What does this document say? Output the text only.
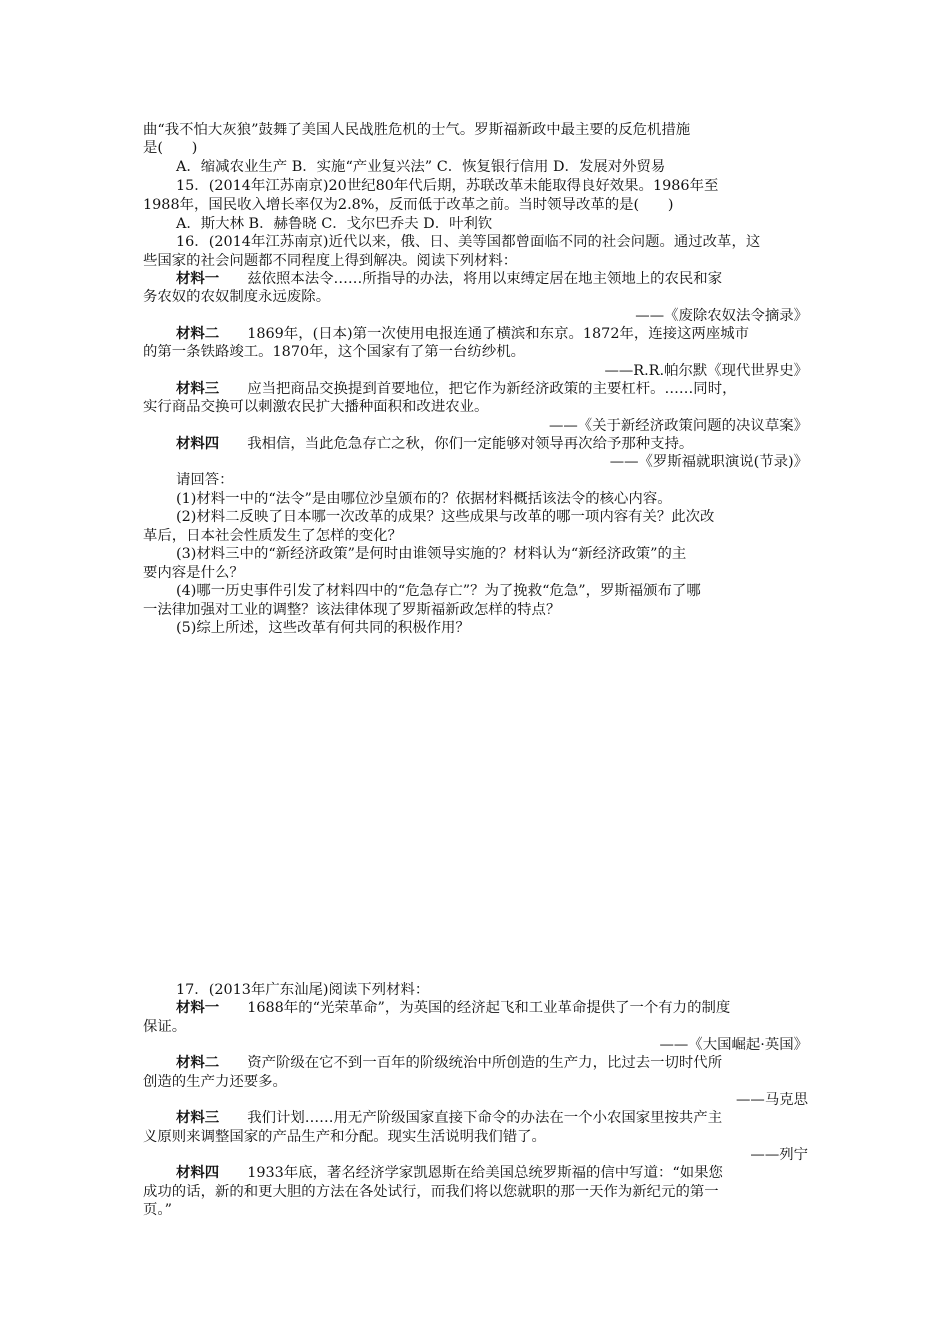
曲“我不怕大灰狼”鼓舞了美国人民战胜危机的士气。罗斯福新政中最主要的反危机措施
是(　　)
A．缩减农业生产 B．实施“产业复兴法” C．恢复银行信用 D．发展对外贸易
15．(2014年江苏南京)20世纪80年代后期，苏联改革未能取得良好效果。1986年至
1988年，国民收入增长率仅为2.8%，反而低于改革之前。当时领导改革的是(　　)
A．斯大林 B．赫鲁晓 C．戈尔巴乔夫 D．叶利钦
16．(2014年江苏南京)近代以来，俄、日、美等国都曾面临不同的社会问题。通过改革，这
些国家的社会问题都不同程度上得到解决。阅读下列材料：
材料一 兹依照本法令……所指导的办法，将用以束缚定居在地主领地上的农民和家
务农奴的农奴制度永远废除。
——《废除农奴法令摘录》
材料二 1869年，(日本)第一次使用电报连通了横滨和东京。1872年，连接这两座城市
的第一条铁路竣工。1870年，这个国家有了第一台纺纱机。
——R.R.帕尔默《现代世界史》
材料三 应当把商品交换提到首要地位，把它作为新经济政策的主要杠杆。……同时，
实行商品交换可以刺激农民扩大播种面积和改进农业。
——《关于新经济政策问题的决议草案》
材料四 我相信，当此危急存亡之秋，你们一定能够对领导再次给予那种支持。
——《罗斯福就职演说(节录)》
请回答：
(1)材料一中的“法令”是由哪位沙皇颁布的？依据材料概括该法令的核心内容。
(2)材料二反映了日本哪一次改革的成果？这些成果与改革的哪一项内容有关？此次改
革后，日本社会性质发生了怎样的变化？
(3)材料三中的“新经济政策”是何时由谁领导实施的？材料认为“新经济政策”的主
要内容是什么？
(4)哪一历史事件引发了材料四中的“危急存亡”？为了挽救“危急”，罗斯福颁布了哪
一法律加强对工业的调整？该法律体现了罗斯福新政怎样的特点？
(5)综上所述，这些改革有何共同的积极作用？
17．(2013年广东汕尾)阅读下列材料：
材料一 1688年的“光荣革命”，为英国的经济起飞和工业革命提供了一个有力的制度
保证。
——《大国崛起·英国》
材料二 资产阶级在它不到一百年的阶级统治中所创造的生产力，比过去一切时代所
创造的生产力还要多。
——马克思
材料三 我们计划……用无产阶级国家直接下命令的办法在一个小农国家里按共产主
义原则来调整国家的产品生产和分配。现实生活说明我们错了。
——列宁
材料四 1933年底，著名经济学家凯恩斯在给美国总统罗斯福的信中写道：“如果您
成功的话，新的和更大胆的方法在各处试行，而我们将以您就职的那一天作为新纪元的第一
页。”
